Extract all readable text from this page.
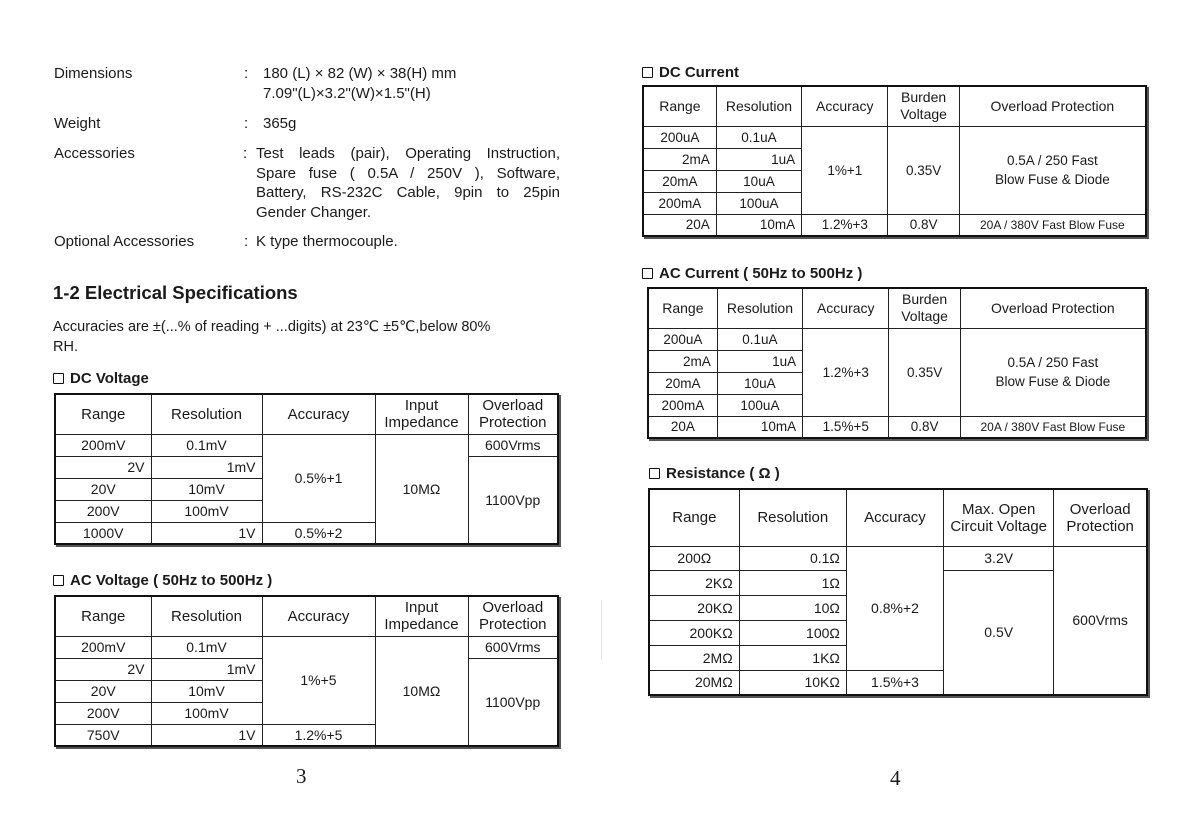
Dimensions	: 180 (L) × 82 (W) × 38(H) mm
7.09"(L)×3.2"(W)×1.5"(H)
Weight	: 365g
Accessories	: Test leads (pair), Operating Instruction,
Spare fuse ( 0.5A / 250V ), Software,
Battery, RS-232C Cable, 9pin to 25pin
Gender Changer.
Optional Accessories	: K type thermocouple.
1-2 Electrical Specifications
Accuracies are ±(...% of reading + ...digits) at 23℃ ±5℃,below 80%
RH.
DC Voltage
Range	Resolution	Accuracy	Input Impedance	Overload Protection
200mV	0.1mV	0.5%+1	10MΩ	600Vrms
2V	1mV			1100Vpp
20V	10mV			
200V	100mV			
1000V	1V	0.5%+2		
AC Voltage ( 50Hz to 500Hz )
Range	Resolution	Accuracy	Input Impedance	Overload Protection
200mV	0.1mV	1%+5	10MΩ	600Vrms
2V	1mV			1100Vpp
20V	10mV			
200V	100mV			
750V	1V	1.2%+5		
3
DC Current
Range	Resolution	Accuracy	Burden Voltage	Overload Protection
200uA	0.1uA	1%+1	0.35V	0.5A / 250 Fast
Blow Fuse & Diode

2mA	1uA			
20mA	10uA			
200mA	100uA			
20A	10mA	1.2%+3	0.8V	20A / 380V Fast Blow Fuse
AC Current ( 50Hz to 500Hz )
Range	Resolution	Accuracy	Burden Voltage	Overload Protection
200uA	0.1uA	1.2%+3	0.35V	0.5A / 250 Fast
Blow Fuse & Diode

2mA	1uA			
20mA	10uA			
200mA	100uA			
20A	10mA	1.5%+5	0.8V	20A / 380V Fast Blow Fuse
Resistance ( Ω )
Range	Resolution	Accuracy	Max. Open Circuit Voltage	Overload Protection
200Ω	0.1Ω	0.8%+2	3.2V	600Vrms
2KΩ	1Ω		0.5V	
20KΩ	10Ω			
200KΩ	100Ω			
2MΩ	1KΩ			
20MΩ	10KΩ	1.5%+3		
4
